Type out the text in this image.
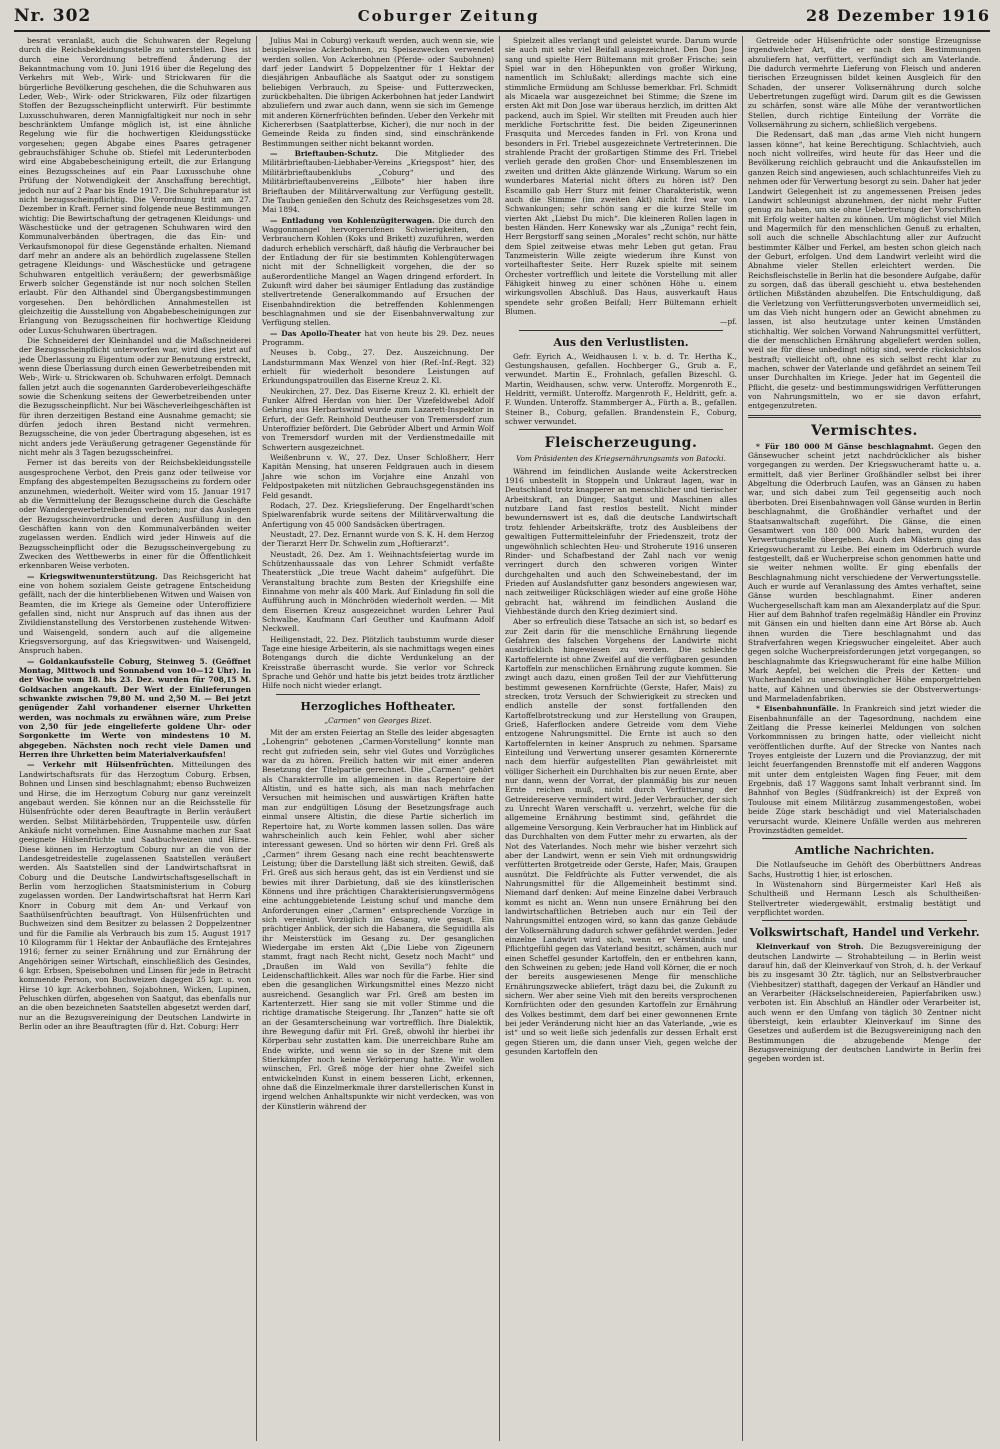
Nr. 302	Coburger Zeitung	28 Dezember 1916

besrat veranlaßt, auch die Schuhwaren der Regelung durch die Reichsbekleidungsstelle zu unterstellen. Dies ist durch eine Verordnung betreffend Änderung der Bekanntmachung vom 10. Juni 1916 über die Regelung des Verkehrs mit Web-, Wirk- und Strickwaren für die bürgerliche Bevölkerung geschehen, die die Schuhwaren aus Leder, Web-, Wirk- oder Strickwaren, Filz oder filzartigen Stoffen der Bezugsscheinpflicht unterwirft. Für bestimmte Luxusschuhwaren, deren Mannigfaltigkeit nur noch in sehr beschränktem Umfange möglich ist, ist eine ähnliche Regelung wie für die hochwertigen Kleidungsstücke vorgesehen; gegen Abgabe eines Paares getragener gebrauchsfähiger Schuhe ob. Stiefel mit Lederunterboden wird eine Abgabebescheinigung erteilt, die zur Erlangung eines Bezugsscheines auf ein Paar Luxusschuhe ohne Prüfung der Notwendigkeit der Anschaffung berechtigt, jedoch nur auf 2 Paar bis Ende 1917. Die Schuhreparatur ist nicht bezugsscheinpflichtig. Die Verordnung tritt am 27. Dezember in Kraft. Ferner sind folgende neue Bestimmungen wichtig: Die Bewirtschaftung der getragenen Kleidungs- und Wäschestücke und der getragenen Schuhwaren wird den Kommunalverbänden übertragen, die das Ein- und Verkaufsmonopol für diese Gegenstände erhalten. Niemand darf mehr an andere als an behördlich zugelassene Stellen getragene Kleidungs- und Wäschestücke und getragene Schuhwaren entgeltlich veräußern; der gewerbsmäßige Erwerb solcher Gegenstände ist nur noch solchen Stellen erlaubt. Für den Althandel sind Übergangsbestimmungen vorgesehen. Den behördlichen Annahmestellen ist gleichzeitig die Ausstellung von Abgabebescheinigungen zur Erlangung von Bezugsscheinen für hochwertige Kleidung oder Luxus-Schuhwaren übertragen.

Die Schneiderei der Kleinhandel und die Maßschneiderei der Bezugsscheinpflicht unterworfen war, wird dies jetzt auf jede Überlassung zu Eigentum oder zur Benutzung erstreckt, wenn diese Überlassung durch einen Gewerbetreibenden mit Web-, Wirk- u. Strickwaren ob. Schuhwaren erfolgt. Demnach fallen jetzt auch die sogenannten Garderobeverleihgeschäfte sowie die Schenkung seitens der Gewerbetreibenden unter die Bezugsscheinpflicht. Nur bei Wäscheverleihgeschäften ist für ihren derzeitigen Bestand eine Ausnahme gemacht; sie dürfen jedoch ihren Bestand nicht vermehren. Bezugsscheine, die von jeder Übertragung abgesehen, ist es nicht anders jede Veräußerung getragener Gegenstände für nicht mehr als 3 Tagen bezugsscheinfrei.

Ferner ist das bereits von der Reichsbekleidungsstelle ausgesprochene Verbot, den Preis ganz oder teilweise vor Empfang des abgestempelten Bezugsscheins zu fordern oder anzunehmen, wiederholt. Weiter wird vom 15. Januar 1917 ab die Vermittelung der Bezugsscheine durch die Geschäfte oder Wandergewerbetreibenden verboten; nur das Auslegen der Bezugsscheinvordrucke und deren Ausfüllung in den Geschäften kann von den Kommunalverbänden weiter zugelassen werden. Endlich wird jeder Hinweis auf die Bezugsscheinpflicht oder die Bezugsscheinvergebung zu Zwecken des Wettbewerbs in einer für die Öffentlichkeit erkennbaren Weise verboten.

— Kriegswitwenunterstützung. Das Reichsgericht hat eine von hohem sozialem Geiste getragene Entscheidung gefällt, nach der die hinterbliebenen Witwen und Waisen von Beamten, die im Kriege als Gemeine oder Unteroffiziere gefallen sind, nicht nur Anspruch auf das ihnen aus der Zivildienstanstellung des Verstorbenen zustehende Witwen- und Waisengeld, sondern auch auf die allgemeine Kriegsversorgung, auf das Kriegswitwen- und Waisengeld, Anspruch haben.

— Goldankaufsstelle Coburg, Steinweg 5. (Geöffnet Montag, Mittwoch und Sonnabend von 10—12 Uhr). In der Woche vom 18. bis 23. Dez. wurden für 708,15 M. Goldsachen angekauft. Der Wert der Einlieferungen schwankte zwischen 79,80 M. und 2,50 M. — Bei jetzt genügender Zahl vorhandener eiserner Uhrketten werden, was nochmals zu erwähnen wäre, zum Preise von 2,50 für jede eingelieferte goldene Uhr- oder Sorgonkette im Werte von mindestens 10 M. abgegeben. Nächsten noch recht viele Damen und Herren ihre Uhrketten beim Materialverkaufsfen!

— Verkehr mit Hülsenfrüchten. Mitteilungen des Landwirtschaftsrats für das Herzogtum Coburg. Erbsen, Bohnen und Linsen sind beschlagnahmt; ebenso Buchweizen und Hirse, die im Herzogtum Coburg nur ganz vereinzelt angebaut werden. Sie können nur an die Reichsstelle für Hülsenfrüchte oder deren Beauftragte in Berlin veräußert werden. Selbst Militärbehörden, Truppenteile usw. dürfen Ankäufe nicht vornehmen. Eine Ausnahme machen zur Saat geeignete Hülsenfrüchte und Saatbuchweizen und Hirse. Diese können im Herzogtum Coburg nur an die von der Landesgetreidestelle zugelassenen Saatstellen veräußert werden. Als Saatstellen sind der Landwirtschaftsrat in Coburg und die Deutsche Landwirtschaftsgesellschaft in Berlin vom herzoglichen Staatsministerium in Coburg zugelassen worden. Der Landwirtschaftsrat hat Herrn Karl Knorr in Coburg mit dem An- und Verkauf von Saathülsenfrüchten beauftragt. Von Hülsenfrüchten und Buchweizen sind dem Besitzer zu belassen 2 Doppelzentner und für die Familie als Verbrauch bis zum 15. August 1917 10 Kilogramm für 1 Hektar der Anbaufläche des Erntejahres 1916; ferner zu seiner Ernährung und zur Ernährung der Angehörigen seiner Wirtschaft, einschließlich des Gesindes, 6 kgr. Erbsen, Speisebohnen und Linsen für jede in Betracht kommende Person, von Buchweizen dagegen 25 kgr. u. von Hirse 10 kgr. Ackerbohnen, Sojabohnen, Wicken, Lupinen, Peluschken dürfen, abgesehen von Saatgut, das ebenfalls nur an die oben bezeichneten Saatstellen abgesetzt werden darf, nur an die Bezugsvereinigung der Deutschen Landwirte in Berlin oder an ihre Beauftragten (für d. Hzt. Coburg: Herr

Julius Mai in Coburg) verkauft werden, auch wenn sie, wie beispielsweise Ackerbohnen, zu Speisezwecken verwendet werden sollen. Von Ackerbohnen (Pferde- oder Saubohnen) darf jeder Landwirt 5 Doppelzentner für 1 Hektar der diesjährigen Anbaufläche als Saatgut oder zu sonstigem beliebigen Verbrauch, zu Speise- und Futterzwecken, zurückbehalten. Die übrigen Ackerbohnen hat jeder Landwirt abzuliefern und zwar auch dann, wenn sie sich im Gemenge mit anderen Körnerfrüchten befinden. Ueber den Verkehr mit Kichererbsen (Saatplatterbse, Kicher), die nur noch in der Gemeinde Reida zu finden sind, sind einschränkende Bestimmungen seither nicht bekannt worden.

— Brieftauben-Schutz. Die Mitglieder des Militärbrieftauben-Liebhaber-Vereins „Kriegspost“ hier, des Militärbrieftaubenklubs „Coburg“ und des Militärbrieftaubenvereins „Eilbote“ hier haben ihre Brieftauben der Militärverwaltung zur Verfügung gestellt. Die Tauben genießen den Schutz des Reichsgesetzes vom 28. Mai 1894.

— Entladung von Kohlenzügiterwagen. Die durch den Waggonmangel hervorgerufenen Schwierigkeiten, den Verbrauchern Kohlen (Koks und Brikett) zuzuführen, werden dadurch erheblich verschärft, daß häufig die Verbraucher bei der Entladung der für sie bestimmten Kohlengüterwagen nicht mit der Schnelligkeit vorgehen, die der so außerordentliche Mangel an Wagen dringend erfordert. In Zukunft wird daher bei säumiger Entladung das zuständige stellvertretende Generalkommando auf Ersuchen der Eisenbahndirektion die betreffenden Kohlenmengen beschlagnahmen und sie der Eisenbahnverwaltung zur Verfügung stellen.

— Das Apollo-Theater hat von heute bis 29. Dez. neues Programm.

Neuses b. Cobg., 27. Dez. Auszeichnung. Der Landsturmmann Max Wenzel von hier (Ref.-Inf.-Regt. 32) erhielt für wiederholt besondere Leistungen auf Erkundungspatrouillen das Eiserne Kreuz 2. Kl.

Neukirchen, 27. Dez. Das Eiserne Kreuz 2. Kl. erhielt der Funker Alfred Herdan von hier. Der Vizefeldwebel Adolf Gehring aus Herbartswind wurde zum Lazarett-Inspektor in Erfurt, der Gefr. Reinhold Deutheuser von Tremersdorf zum Unteroffizier befördert. Die Gebrüder Albert und Armin Wolf von Tremersdorf wurden mit der Verdienstmedaille mit Schwertern ausgezeichnet.

Weißenbrunn v. W., 27. Dez. Unser Schloßherr, Herr Kapitän Mensing, hat unseren Feldgrauen auch in diesem Jahre wie schon im Vorjahre eine Anzahl von Feldpostpaketen mit nützlichen Gebrauchsgegenständen ins Feld gesandt.

Rodach, 27. Dez. Kriegslieferung. Der Engelhardt'schen Spielwarenfabrik wurde seitens der Militärverwaltung die Anfertigung von 45 000 Sandsäcken übertragen.

Neustadt, 27. Dez. Ernannt wurde von S. K. H. dem Herzog der Tierarzt Herr Dr. Schwelin zum „Hoftierarzt“.

Neustadt, 26. Dez. Am 1. Weihnachtsfeiertag wurde im Schützenhaussaale das von Lehrer Schmidt verfaßte Theaterstück „Die treue Wacht daheim“ aufgeführt. Die Veranstaltung brachte zum Besten der Kriegshilfe eine Einnahme von mehr als 400 Mark. Auf Einladung fin soll die Aufführung auch in Mönchröden wiederholt werden. — Mit dem Eisernen Kreuz ausgezeichnet wurden Lehrer Paul Schwalbe, Kaufmann Carl Geuther und Kaufmann Adolf Neckwell.

Heiligenstadt, 22. Dez. Plötzlich taubstumm wurde dieser Tage eine hiesige Arbeiterin, als sie nachmittags wegen eines Botengangs durch die dichte Verdunkelung an der Kreisstraße überrascht wurde. Sie verlor vor Schreck Sprache und Gehör und hatte bis jetzt beides trotz ärztlicher Hilfe noch nicht wieder erlangt.

Herzogliches Hoftheater.

„Carmen“ von Georges Bizet.

Mit der am ersten Feiertag an Stelle des leider abgesagten „Lohengrin“ gebotenen „Carmen-Vorstellung“ konnte man recht gut zufrieden sein, sehr viel Gutes und Vorzügliches war da zu hören. Freilich hatten wir mit einer anderen Besetzung der Titelpartie gerechnet. Die „Carmen“ gehört als Charakterrolle im allgemeinen in das Repertoire der Altistin, und es hatte sich, als man nach mehrfachen Versuchen mit heimischen und auswärtigen Kräften hatte man zur endgültigen Lösung der Besetzungsfrage auch einmal unsere Altistin, die diese Partie sicherlich im Repertoire hat, zu Worte kommen lassen sollen. Das wäre wahrscheinlich auch kein Fehler, wohl aber sicher interessant gewesen. Und so hörten wir denn Frl. Greß als „Carmen“ ihrem Gesang nach eine recht beachtenswerte Leistung; über die Darstellung läßt sich streiten. Gewiß, daß Frl. Greß aus sich heraus geht, das ist ein Verdienst und sie bewies mit ihrer Darbietung, daß sie des künstlerischen Könnens und ihre prächtigen Charakterisierungsvermögens eine achtunggebietende Leistung schuf und manche dem Anforderungen einer „Carmen“ entsprechende Vorzüge in sich vereinigt. Vorzüglich im Gesang, wie gesagt. Ein prächtiger Anblick, der sich die Habanera, die Seguidilla als ihr Meisterstück im Gesang zu. Der gesanglichen Wiedergabe im ersten Akt („Die Liebe von Zigeunern stammt, fragt nach Recht nicht, Gesetz noch Macht“ und „Draußen im Wald von Sevilla“) fehlte die Leidenschaftlichkeit. Alles war noch für die Farbe. Hier sind eben die gesanglichen Wirkungsmittel eines Mezzo nicht ausreichend. Gesanglich war Frl. Greß am besten im Kartenterzett. Hier sang sie mit voller Stimme und die richtige dramatische Steigerung. Ihr „Tanzen“ hatte sie oft an der Gesamterscheinung war vortrefflich. Ihre Dialektik, ihre Bewegung dafür mit Frl. Greß, obwohl ihr hierbei ihr Körperbau sehr zustatten kam. Die unerreichbare Ruhe am Ende wirkte, und wenn sie so in der Szene mit dem Stierkämpfer noch keine Verkörperung hatte. Wir wollen wünschen, Frl. Greß möge der hier ohne Zweifel sich entwickelnden Kunst in einem besseren Licht, erkennen, ohne daß die Einzelmerkmale ihrer darstellerischen Kunst in irgend welchen Anhaltspunkte wir nicht verdecken, was von der Künstlerin während der

Spielzeit alles verlangt und geleistet wurde. Darum wurde sie auch mit sehr viel Beifall ausgezeichnet. Den Don Jose sang und spielte Herr Bültemann mit großer Frische; sein Spiel war in den Höhepunkten von großer Wirkung, namentlich im Schlußakt; allerdings machte sich eine stimmliche Ermüdung am Schlusse bemerkbar. Frl. Schmidt als Micaela war ausgezeichnet bei Stimme; die Szene im ersten Akt mit Don Jose war überaus herzlich, im dritten Akt packend, auch im Spiel. Wir stellten mit Freuden auch hier merkliche Fortschritte fest. Die beiden Zigeunerinnen Frasquita und Mercedes fanden in Frl. von Krona und besonders in Frl. Triebel ausgezeichnete Vertreterinnen. Die strahlende Pracht der großartigen Stimme des Frl. Triebel verlieh gerade den großen Chor- und Ensembleszenen im zweiten und dritten Akte glänzende Wirkung. Warum so ein wunderbares Material nicht öfters zu hören ist? Den Escamillo gab Herr Sturz mit feiner Charakteristik, wenn auch die Stimme (im zweiten Akt) nicht frei war von Schwankungen; sehr schön sang er die kurze Stelle im vierten Akt „Liebst Du mich“. Die kleineren Rollen lagen in besten Händen. Herr Konewsky war als „Zuniga“ recht fein, Herr Bergstorff sang seinen „Morales“ recht schön, nur hätte dem Spiel zeitweise etwas mehr Leben gut getan. Frau Tanzmeisterin Wille zeigte wiederum ihre Kunst von vorteilhaftester Seite. Herr Ruzek spielte mit seinem Orchester vortrefflich und leitete die Vorstellung mit aller Fähigkeit hinweg zu einer schönen Höhe u. einem wirkungsvollen Abschluß. Das Haus, ausverkauft Haus spendete sehr großen Beifall; Herr Bültemann erhielt Blumen.

—pf.

Aus den Verlustlisten.

Gefr. Eyrich A., Weidhausen l. v. b. d. Tr. Hertha K., Gestungshausen, gefallen. Hochberger G., Grub a. F., verwundet. Martin E., Frohnlach, gefallen Bizeschl. G. Martin, Weidhausen, schw. verw. Unteroffz. Morgenroth E., Heldritt, vermißt. Unteroffz. Margenroth F., Heldritt, gefr. a. F. Wunden. Unteroffz. Stammberger A., Fürth a. B., gefallen. Steiner B., Coburg, gefallen. Brandenstein F., Coburg, schwer verwundet.

Fleischerzeugung.

Vom Präsidenten des Kriegsernährungsamts von Batocki.

Während im feindlichen Auslande weite Ackerstrecken 1916 unbestellt in Stoppeln und Unkraut lagen, war in Deutschland trotz knapperer an menschlicher und tierischer Arbeitskraft, an Dünger, Saatgut und Maschinen alles nutzbare Land fast restlos bestellt. Nicht minder bewundernswert ist es, daß die deutsche Landwirtschaft trotz fehlender Arbeitskräfte, trotz des Ausbleibens der gewaltigen Futtermitteleinfuhr der Friedenszeit, trotz der ungewöhnlich schlechten Heu- und Stroherute 1916 unseren Rinder- und Schafbestand der Zahl nach vor wenig verringert durch den schweren vorigen Winter durchgehalten und auch den Schweinebestand, der im Frieden auf Auslandsfutter ganz besonders angewiesen war, nach zeitweiliger Rückschlägen wieder auf eine große Höhe gebracht hat, während im feindlichen Ausland die Viehbestände durch den Krieg dezimiert sind.

Aber so erfreulich diese Tatsache an sich ist, so bedarf es zur Zeit darin für die menschliche Ernährung liegende Gefahren des falschen Vorgehens der Landwirte nicht ausdrücklich hingewiesen zu werden. Die schlechte Kartoffelernte ist ohne Zweifel auf die verfügbaren gesunden Kartoffeln zur menschlichen Ernährung zugute kommen. Sie zwingt auch dazu, einen großen Teil der zur Viehfütterung bestimmt gewesenen Kornfrüchte (Gerste, Hafer, Mais) zu strecken, trotz Versuch der Schwierigkeit zu strecken und endlich anstelle der sonst fortfallenden den Kartoffelbrotstreckung und zur Herstellung von Graupen, Grieß, Haferflocken andere Getreide vom dem Viehe entzogene Nahrungsmittel. Die Ernte ist auch so den Kartoffelernten in keiner Anspruch zu nehmen. Sparsame Einteilung und Verwertung unserer gesamten Körnerernte nach dem hierfür aufgestellten Plan gewährleistet mit völliger Sicherheit ein Durchhalten bis zur neuen Ernte, aber nur dann, wenn der Vorrat, der planmäßig bis zur neuen Ernte reichen muß, nicht durch Verfütterung der Getreidereserve vermindert wird. Jeder Verbraucher, der sich zu Unrecht Waren verschafft u. verzehrt, welche für die allgemeine Ernährung bestimmt sind, gefährdet die allgemeine Versorgung. Kein Verbraucher hat im Hinblick auf das Durchhalten von dem Futter mehr zu erwarten, als der Not des Vaterlandes. Noch mehr wie bisher verzehrt sich aber der Landwirt, wenn er sein Vieh mit ordnungswidrig verfütterten Brotgetreide oder Gerste, Hafer, Mais, Graupen ausnützt. Die Feldfrüchte als Futter verwendet, die als Nahrungsmittel für die Allgemeinheit bestimmt sind. Niemand darf denken: Auf meine Einzelne dabei Verbrauch kommt es nicht an. Wenn nun unsere Ernährung bei den landwirtschaftlichen Betrieben auch nur ein Teil der Nahrungsmittel entzogen wird, so kann das ganze Gebäude der Volksernährung dadurch schwer gefährdet werden. Jeder einzelne Landwirt wird sich, wenn er Verständnis und Pflichtgefühl gegen das Vaterland besitzt, schämen, auch nur einen Scheffel gesunder Kartoffeln, den er entbehren kann, den Schweinen zu geben; jede Hand voll Körner, die er noch der bereits ausgewiesenen Menge für menschliche Ernährungszwecke abliefert, trägt dazu bei, die Zukunft zu sichern. Wer aber seine Vieh mit den bereits versprochenen Kornfrüchten oder den gesunden Kartoffeln zur Ernährung des Volkes bestimmt, dem darf bei einer gewonnenen Ernte bei jeder Veränderung nicht hier an das Vaterlande, „wie es ist“ und so weit ließe sich jedenfalls zur dessen Erhalt erst gegen Stieren um, die dann unser Vieh, gegen welche der gesunden Kartoffeln den

Getreide oder Hülsenfrüchte oder sonstige Erzeugnisse irgendwelcher Art, die er nach den Bestimmungen abzuliefern hat, verfüttert, verfündigt sich am Vaterlande. Die dadurch vermehrte Lieferung von Fleisch und anderen tierischen Erzeugnissen bildet keinen Ausgleich für den Schaden, der unserer Volksernährung durch solche Uebertretungen zugefügt wird. Darum gilt es die Gewissen zu schärfen, sonst wäre alle Mühe der verantwortlichen Stellen, durch richtige Einteilung der Vorräte die Volksernährung zu sichern, schließlich vergebens.

Die Redensart, daß man „das arme Vieh nicht hungern lassen könne“, hat keine Berechtigung. Schlachtvieh, auch noch nicht vollreifes, wird heute für das Heer und die Bevölkerung reichlich gebraucht und die Ankaufsstellen im ganzen Reich sind angewiesen, auch schlachtunreifes Vieh zu nehmen oder für Verwertung besorgt zu sein. Daher hat jeder Landwirt Gelegenheit ist zu angemessenen Preisen jedes Landwirt schleunigst abzunehmen, der nicht mehr Futter genug zu haben, um sie ohne Uebertretung der Vorschriften mit Erfolg weiter halten zu können. Um möglichst viel Milch und Magermilch für den menschlichen Genuß zu erhalten, soll auch die schnelle Abschlachtung aller zur Aufzucht bestimmter Kälber und Ferkel, am besten schon gleich nach der Geburt, erfolgen. Und dem Landwirt verleiht wird die Abnahme vieler Stellen erleichtert werden. Die Reichsfleischstelle in Berlin hat die besondere Aufgabe, dafür zu sorgen, daß das überall geschieht u. etwa bestehenden örtlichen Mißständen abzuhelfen. Die Entschuldigung, daß die Verletzung von Verfütterungsverboten unvermeidlich sei, um das Vieh nicht hungern oder an Gewicht abnehmen zu lassen, ist also heutzutage unter keinen Umständen stichhaltig. Wer solchen Vorwand Nahrungsmittel verfüttert, die der menschlichen Ernährung abgeliefert werden sollen, weil sie für diese unbedingt nötig sind, werde rücksichtslos bestraft; vielleicht oft, ohne es sich selbst recht klar zu machen, schwer der Vaterlande und gefährdet an seinem Teil unser Durchhalten im Kriege. Jeder hat im Gegenteil die Pflicht, die gesetz- und bestimmungswidrigen Verfütterungen von Nahrungsmitteln, wo er sie davon erfahrt, entgegenzutreten.

Vermischtes.

* Für 180 000 M Gänse beschlagnahmt. Gegen den Gänsewucher scheint jetzt nachdrücklicher als bisher vorgegangen zu werden. Der Kriegswucheramt hatte u. a. ermittelt, daß vier Berliner Großhändler selbst bei ihrer Abgeltung die Oderbruch Laufen, was an Gänsen zu haben war, und sich dabei zum Teil gegenseitig auch noch überboten. Drei Eisenbahnwagen voll Gänse wurden in Berlin beschlagnahmt, die Großhändler verhaftet und der Staatsanwaltschaft zugeführt. Die Gänse, die einen Gesamtwert von 180 000 Mark haben, wurden der Verwertungsstelle übergeben. Auch den Mästern ging das Kriegswucheramt zu Leibe. Bei einem im Oderbruch wurde festgestellt, daß er Wucherpreise schon genommen hatte und sie weiter nehmen wollte. Er ging ebenfalls der Beschlagnahmung nicht verschiedene der Verwertungsstelle. Auch er wurde auf Veranlassung des Amtes verhaftet, seine Gänse wurden beschlagnahmt. Einer anderen Wuchergesellschaft kam man am Alexanderplatz auf die Spur. Hier auf dem Bahnhof trafen regelmäßig Händler ein Provinz mit Gänsen ein und hielten dann eine Art Börse ab. Auch ihnen wurden die Tiere beschlagnahmt und das Strafverfahren wegen Kriegswucher eingeleitet. Aber auch gegen solche Wucherpreisforderungen jetzt vorgegangen, so beschlagnahmte das Kriegswucheramt für eine halbe Million Mark Aepfel, bei welchen die Preis der Ketten- und Wucherhandel zu unerschwinglicher Höhe emporgetrieben hatte, auf Kähnen und überwies sie der Obstverwertungs- und Marmeladenfabriken.

* Eisenbahnunfälle. In Frankreich sind jetzt wieder die Eisenbahnunfälle an der Tagesordnung, nachdem eine Zeitlang die Presse keinerlei Meldungen von solchen Vorkommnissen zu bringen hatte, oder vielleicht nicht veröffentlichen durfte. Auf der Strecke von Nantes nach Troyes entgleiste der Luzern und die Provianzzug, der mit leicht feuerfangenden Brennstoffe mit elf anderen Waggons mit unter dem entgleisten Wagen fing Feuer, mit dem Ergebnis, daß 17 Waggons samt Inhalt verbrannt sind. Im Bahnhof von Begles (Südfrankreich) ist der Expreß von Toulouse mit einem Militärzug zusammengestoßen, wobei beide Züge stark beschädigt und viel Materialschaden verursacht wurde. Kleinere Unfälle werden aus mehreren Provinzstädten gemeldet.

Amtliche Nachrichten.

Die Notlaufseuche im Gehöft des Oberbüttners Andreas Sachs, Hustrottig 1 hier, ist erloschen.

In Wüstenahorn sind Bürgermeister Karl Heß als Schultheiß und Hermann Lesch als Schultheißen-Stellvertreter wiedergewählt, erstmalig bestätigt und verpflichtet worden.

Volkswirtschaft, Handel und Verkehr.

Kleinverkauf von Stroh. Die Bezugsvereinigung der deutschen Landwirte — Strohabteilung — in Berlin weist darauf hin, daß der Kleinverkauf von Stroh, d. h. der Verkauf bis zu insgesamt 30 Ztr. täglich, nur an Selbstverbraucher (Viehbesitzer) statthaft, dagegen der Verkauf an Händler und an Verarbeiter (Häckselschneidereien, Papierfabriken usw.) verboten ist. Ein Abschluß an Händler oder Verarbeiter ist, auch wenn er den Umfang von täglich 30 Zentner nicht übersteigt, kein erlaubter Kleinverkauf im Sinne des Gesetzes und außerdem ist die Bezugsvereinigung nach den Bestimmungen die abzugebende Menge der Bezugsvereinigung der deutschen Landwirte in Berlin frei gegeben worden ist.
